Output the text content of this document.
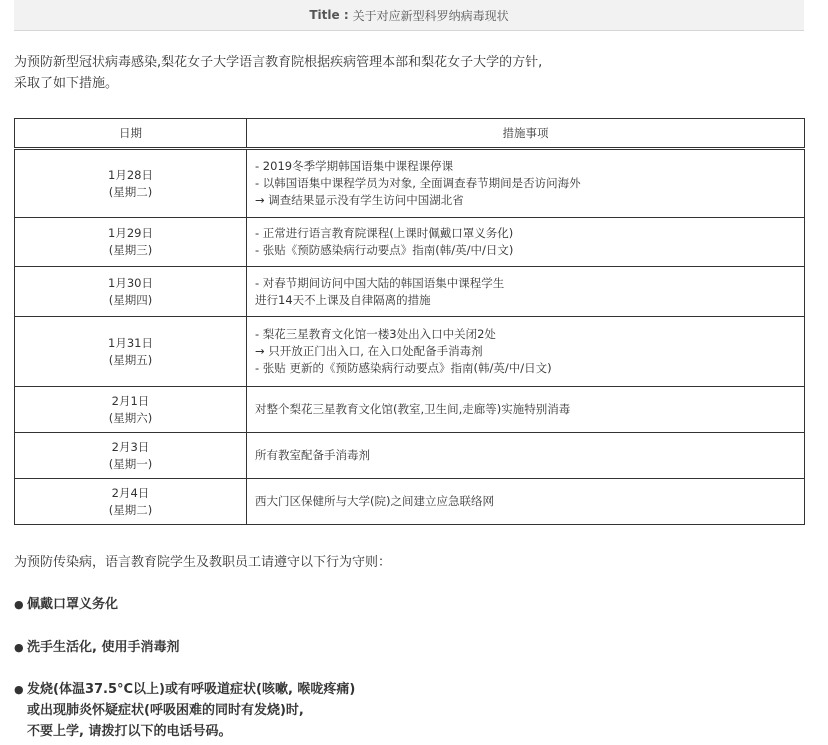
Title : 关于对应新型科罗纳病毒现状
为预防新型冠状病毒感染,梨花女子大学语言教育院根据疾病管理本部和梨花女子大学的方针,
采取了如下措施。
日期	措施事项

1月28日
(星期二)	- 2019冬季学期韩国语集中课程课停课
- 以韩国语集中课程学员为对象, 全面调查春节期间是否访问海外
→ 调查结果显示没有学生访问中国湖北省

1月29日
(星期三)	- 正常进行语言教育院课程(上课时佩戴口罩义务化)
- 张贴《预防感染病行动要点》指南(韩/英/中/日文)

1月30日
(星期四)	- 对春节期间访问中国大陆的韩国语集中课程学生
进行14天不上课及自律隔离的措施

1月31日
(星期五)	- 梨花三星教育文化馆一楼3处出入口中关闭2处
→ 只开放正门出入口, 在入口处配备手消毒剂
- 张贴 更新的《预防感染病行动要点》指南(韩/英/中/日文)

2月1日
(星期六)	对整个梨花三星教育文化馆(教室,卫生间,走廊等)实施特别消毒

2月3日
(星期一)	所有教室配备手消毒剂

2月4日
(星期二)	西大门区保健所与大学(院)之间建立应急联络网
为预防传染病，语言教育院学生及教职员工请遵守以下行为守则：
● 佩戴口罩义务化
● 洗手生活化, 使用手消毒剂
● 发烧(体温37.5°C以上)或有呼吸道症状(咳嗽, 喉咙疼痛)
或出现肺炎怀疑症状(呼吸困难的同时有发烧)时,
不要上学, 请拨打以下的电话号码。
